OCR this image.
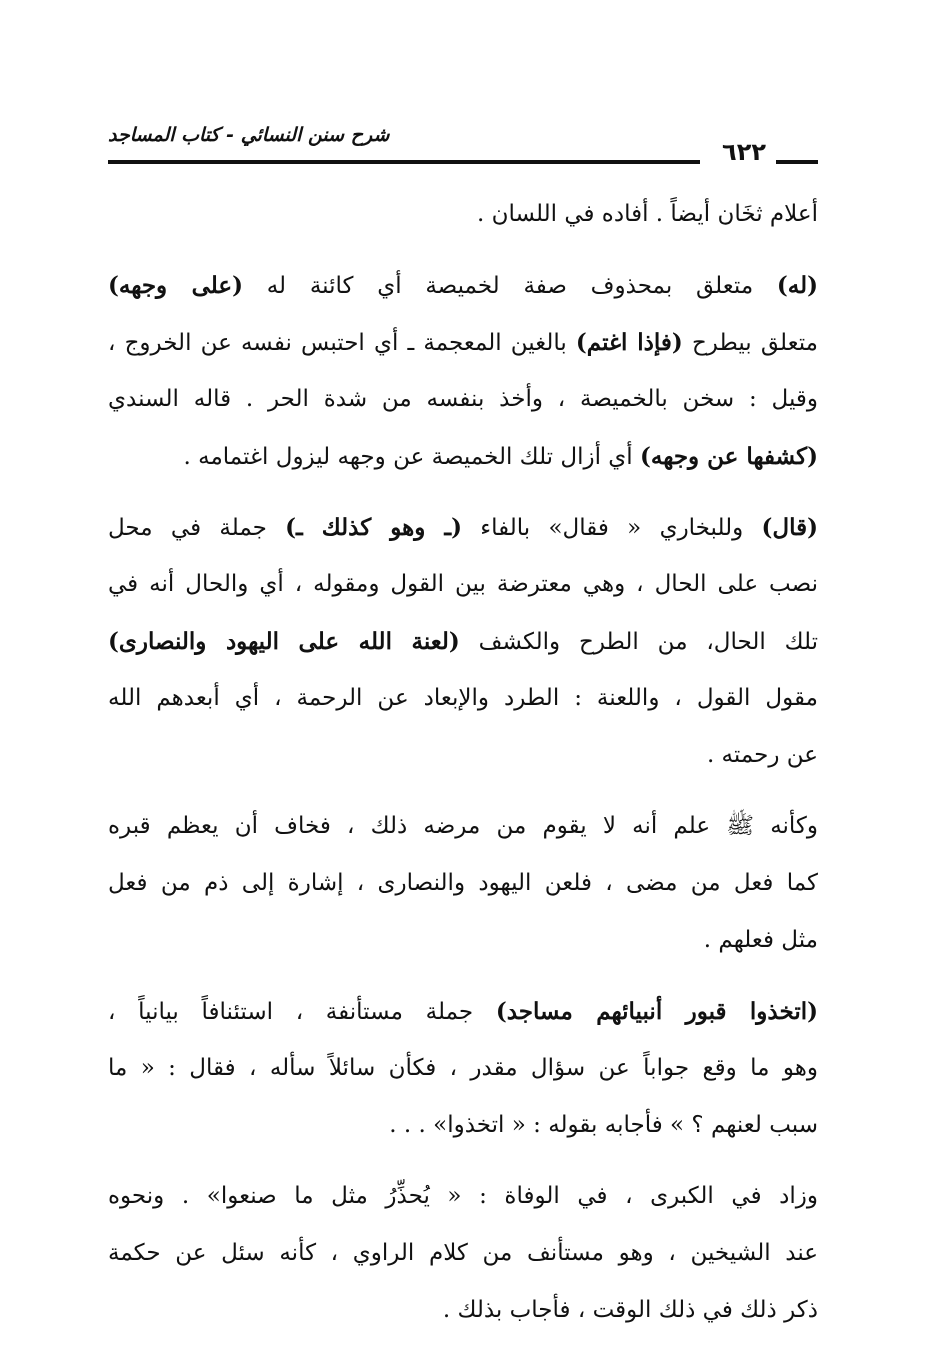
شرح سنن النسائي - كتاب المساجد
٦٢٢
أعلام ثخَان أيضاً . أفاده في اللسان .
(له) متعلق بمحذوف صفة لخميصة أي كائنة له (على وجهه)
متعلق بيطرح (فإذا اغتم) بالغين المعجمة ـ أي احتبس نفسه عن الخروج ،
وقيل : سخن بالخميصة ، وأخذ بنفسه من شدة الحر . قاله السندي
(كشفها عن وجهه) أي أزال تلك الخميصة عن وجهه ليزول اغتمامه .
(قال) وللبخاري « فقال» بالفاء (ـ وهو كذلك ـ) جملة في محل
نصب على الحال ، وهي معترضة بين القول ومقوله ، أي والحال أنه في
تلك الحال، من الطرح والكشف (لعنة الله على اليهود والنصارى)
مقول القول ، واللعنة : الطرد والإبعاد عن الرحمة ، أي أبعدهم الله
عن رحمته .
وكأنه ﷺ علم أنه لا يقوم من مرضه ذلك ، فخاف أن يعظم قبره
كما فعل من مضى ، فلعن اليهود والنصارى ، إشارة إلى ذم من فعل
مثل فعلهم .
(اتخذوا قبور أنبيائهم مساجد) جملة مستأنفة ، استئنافاً بيانياً ،
وهو ما وقع جواباً عن سؤال مقدر ، فكأن سائلاً سأله ، فقال : « ما
سبب لعنهم ؟ » فأجابه بقوله : « اتخذوا» . . .
وزاد في الكبرى ، في الوفاة : « يُحذِّرُ مثل ما صنعوا» . ونحوه
عند الشيخين ، وهو مستأنف من كلام الراوي ، كأنه سئل عن حكمة
ذكر ذلك في ذلك الوقت ، فأجاب بذلك .
